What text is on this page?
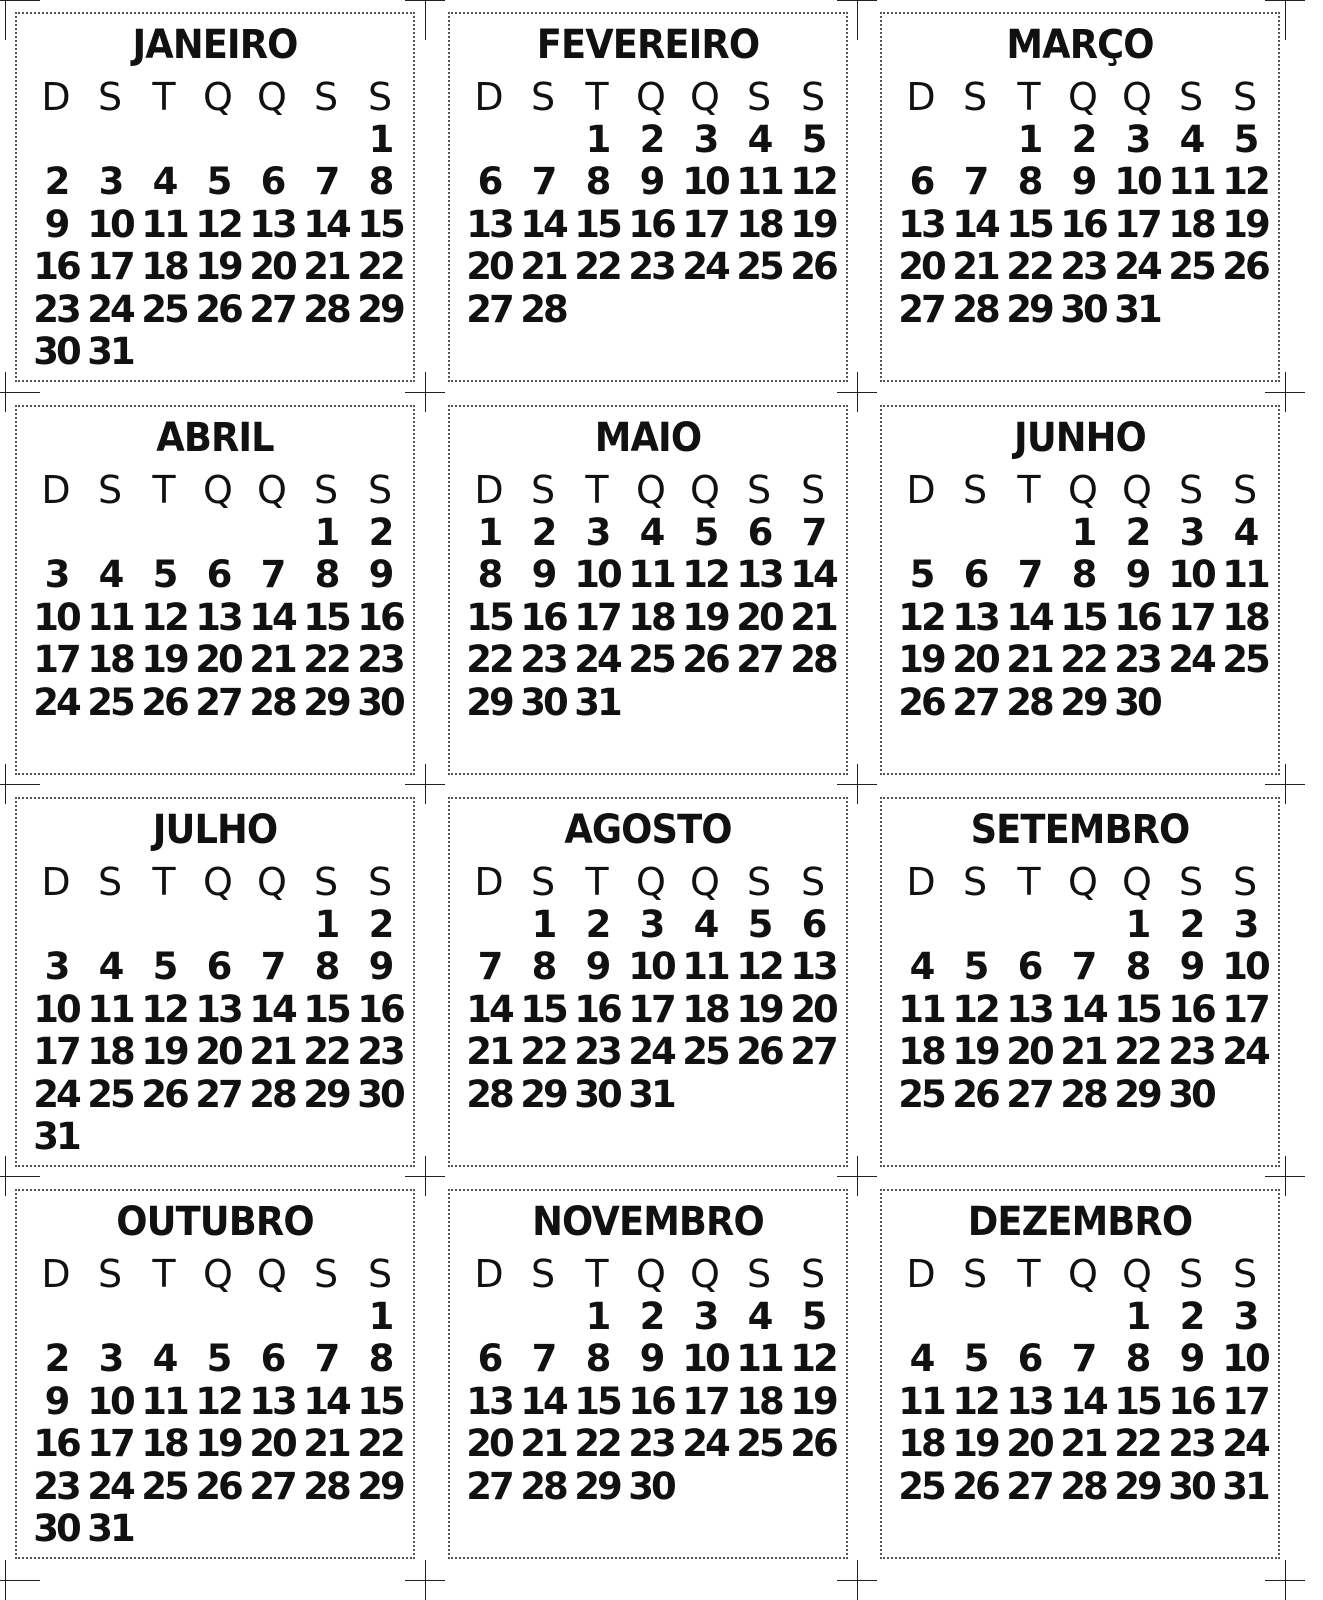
JANEIRO
D S T Q Q S S
1
2 3 4 5 6 7 8
9 10 11 12 13 14 15
16 17 18 19 20 21 22
23 24 25 26 27 28 29
30 31
FEVEREIRO
D S T Q Q S S
1 2 3 4 5
6 7 8 9 10 11 12
13 14 15 16 17 18 19
20 21 22 23 24 25 26
27 28
MARÇO
D S T Q Q S S
1 2 3 4 5
6 7 8 9 10 11 12
13 14 15 16 17 18 19
20 21 22 23 24 25 26
27 28 29 30 31
ABRIL
D S T Q Q S S
1 2
3 4 5 6 7 8 9
10 11 12 13 14 15 16
17 18 19 20 21 22 23
24 25 26 27 28 29 30
MAIO
D S T Q Q S S
1 2 3 4 5 6 7
8 9 10 11 12 13 14
15 16 17 18 19 20 21
22 23 24 25 26 27 28
29 30 31
JUNHO
D S T Q Q S S
1 2 3 4
5 6 7 8 9 10 11
12 13 14 15 16 17 18
19 20 21 22 23 24 25
26 27 28 29 30
JULHO
D S T Q Q S S
1 2
3 4 5 6 7 8 9
10 11 12 13 14 15 16
17 18 19 20 21 22 23
24 25 26 27 28 29 30
31
AGOSTO
D S T Q Q S S
1 2 3 4 5 6
7 8 9 10 11 12 13
14 15 16 17 18 19 20
21 22 23 24 25 26 27
28 29 30 31
SETEMBRO
D S T Q Q S S
1 2 3
4 5 6 7 8 9 10
11 12 13 14 15 16 17
18 19 20 21 22 23 24
25 26 27 28 29 30
OUTUBRO
D S T Q Q S S
1
2 3 4 5 6 7 8
9 10 11 12 13 14 15
16 17 18 19 20 21 22
23 24 25 26 27 28 29
30 31
NOVEMBRO
D S T Q Q S S
1 2 3 4 5
6 7 8 9 10 11 12
13 14 15 16 17 18 19
20 21 22 23 24 25 26
27 28 29 30
DEZEMBRO
D S T Q Q S S
1 2 3
4 5 6 7 8 9 10
11 12 13 14 15 16 17
18 19 20 21 22 23 24
25 26 27 28 29 30 31
